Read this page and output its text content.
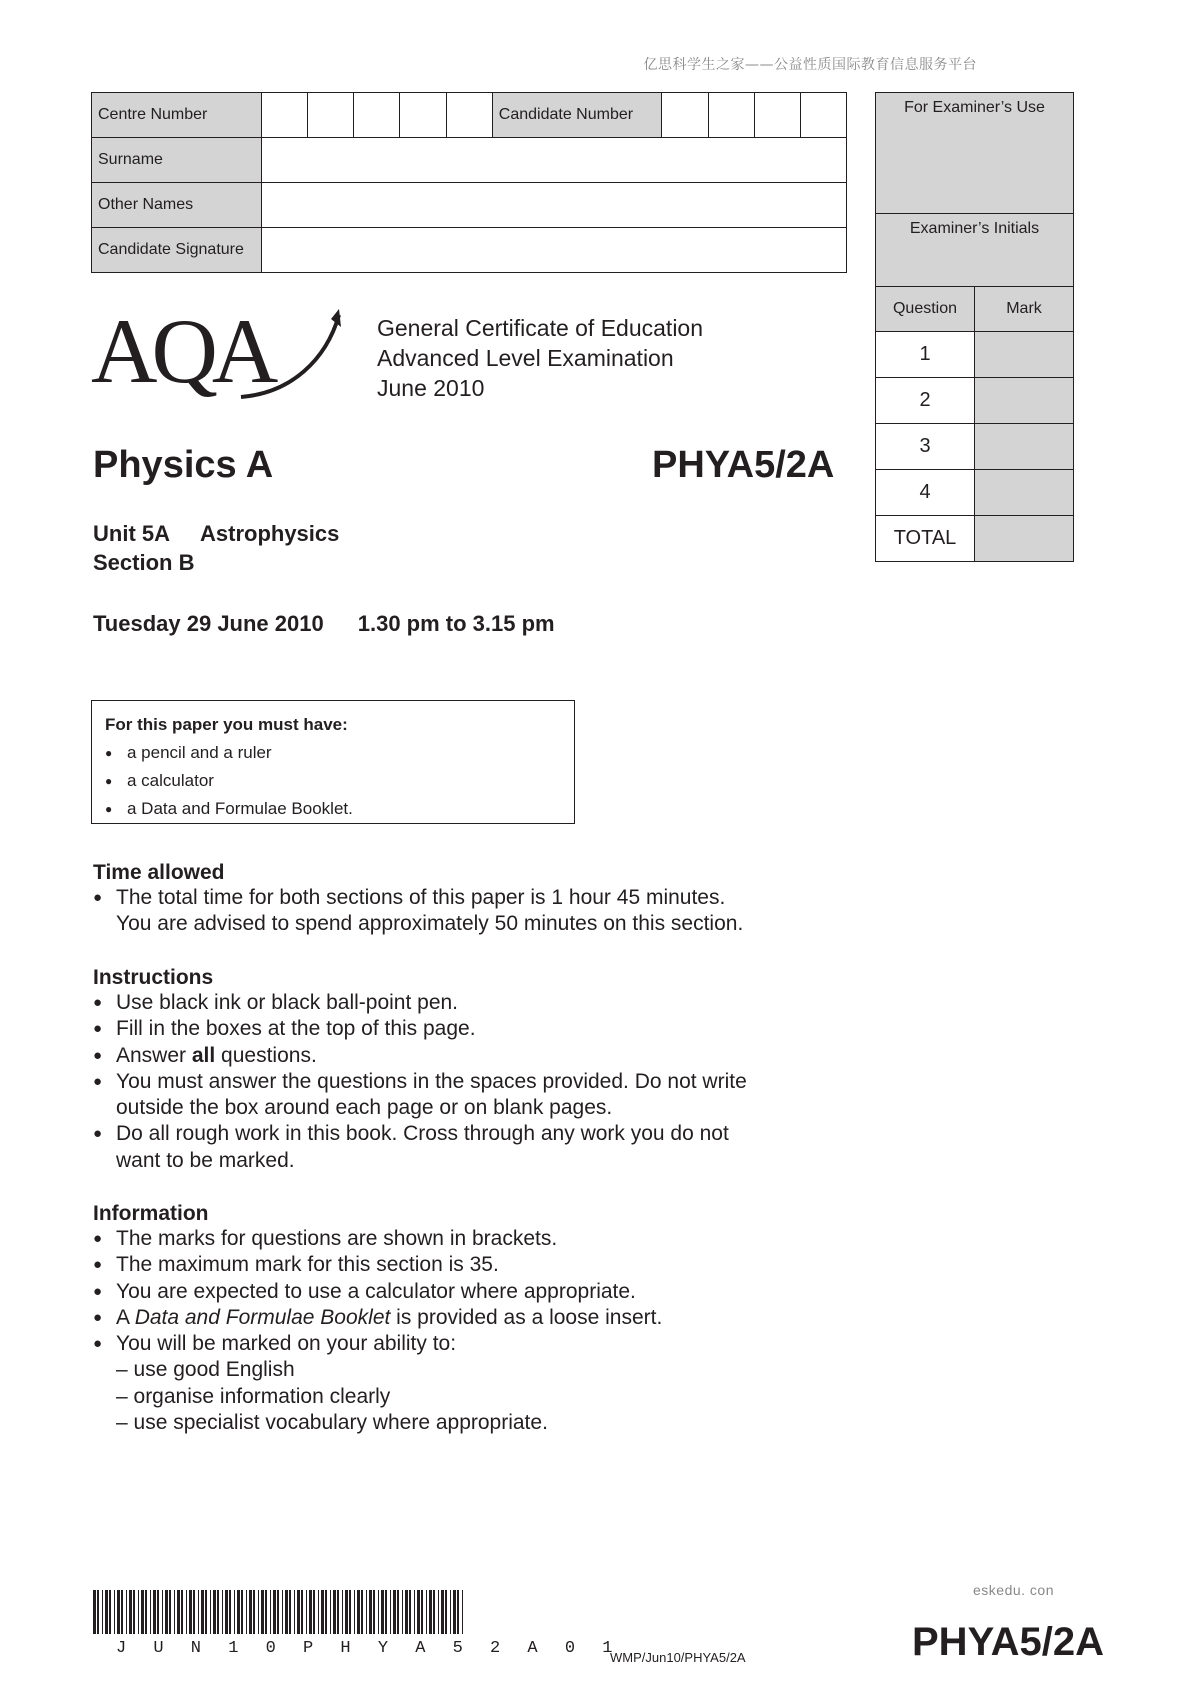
亿思科学生之家——公益性质国际教育信息服务平台
Centre Number						Candidate Number				
Surname										
Other Names										
Candidate Signature										
For Examiner’s Use	
Examiner’s Initials	
Question	Mark
1	
2	
3	
4	
TOTAL	
AQA	General Certificate of Education
Advanced Level Examination
June 2010
Physics A	PHYA5/2A
Unit 5A Astrophysics
Section B
Tuesday 29 June 2010 1.30 pm to 3.15 pm
For this paper you must have:
● a pencil and a ruler
● a calculator
● a Data and Formulae Booklet.
Time allowed
● The total time for both sections of this paper is 1 hour 45 minutes.
You are advised to spend approximately 50 minutes on this section.
Instructions
● Use black ink or black ball-point pen.
● Fill in the boxes at the top of this page.
● Answer all questions.
● You must answer the questions in the spaces provided. Do not write
outside the box around each page or on blank pages.
● Do all rough work in this book. Cross through any work you do not
want to be marked.
Information
● The marks for questions are shown in brackets.
● The maximum mark for this section is 35.
● You are expected to use a calculator where appropriate.
● A Data and Formulae Booklet is provided as a loose insert.
● You will be marked on your ability to:
– use good English
– organise information clearly
– use specialist vocabulary where appropriate.
J U N 1 0 P H Y A 5 2 A 0 1
WMP/Jun10/PHYA5/2A
eskedu. con
PHYA5/2A
